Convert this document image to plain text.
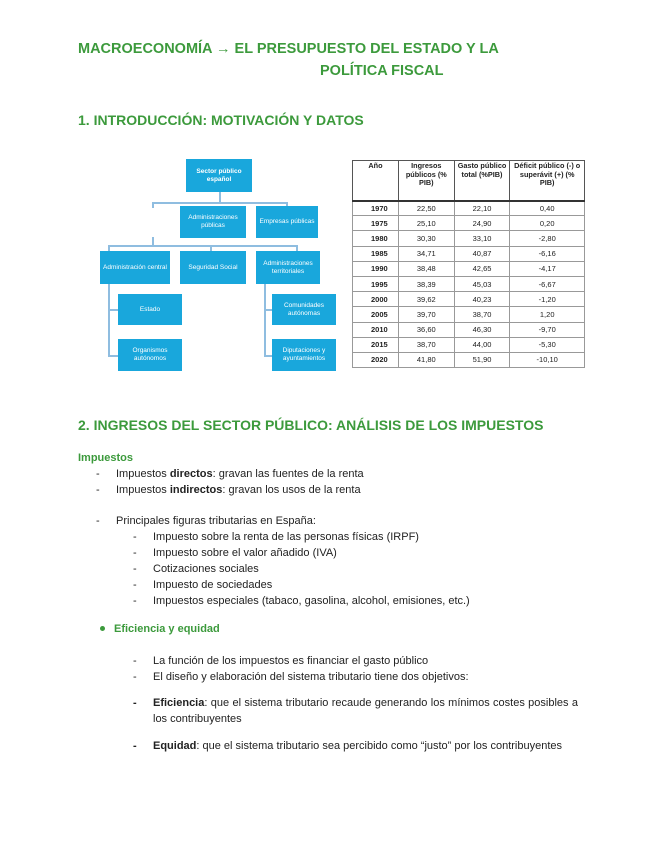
MACROECONOMÍA → EL PRESUPUESTO DEL ESTADO Y LA
POLÍTICA FISCAL
1. INTRODUCCIÓN: MOTIVACIÓN Y DATOS
Sector público español
Administraciones públicas
Empresas públicas
Administración central	Seguridad Social
Administraciones territoriales
Estado
Organismos autónomos
Comunidades autónomas
Diputaciones y ayuntamientos
Año	Ingresos públicos (% PIB)	Gasto público total (%PIB)	Déficit público (-) o superávit (+) (% PIB)
1970	22,50	22,10	0,40
1975	25,10	24,90	0,20
1980	30,30	33,10	-2,80
1985	34,71	40,87	-6,16
1990	38,48	42,65	-4,17
1995	38,39	45,03	-6,67
2000	39,62	40,23	-1,20
2005	39,70	38,70	1,20
2010	36,60	46,30	-9,70
2015	38,70	44,00	-5,30
2020	41,80	51,90	-10,10
2. INGRESOS DEL SECTOR PÚBLICO: ANÁLISIS DE LOS IMPUESTOS
Impuestos
- Impuestos directos: gravan las fuentes de la renta
- Impuestos indirectos: gravan los usos de la renta
- Principales figuras tributarias en España:
- Impuesto sobre la renta de las personas físicas (IRPF)
- Impuesto sobre el valor añadido (IVA)
- Cotizaciones sociales
- Impuesto de sociedades
- Impuestos especiales (tabaco, gasolina, alcohol, emisiones, etc.)
Eficiencia y equidad
- La función de los impuestos es financiar el gasto público
- El diseño y elaboración del sistema tributario tiene dos objetivos:
- Eficiencia: que el sistema tributario recaude generando los mínimos costes posibles a los contribuyentes
- Equidad: que el sistema tributario sea percibido como “justo” por los contribuyentes
